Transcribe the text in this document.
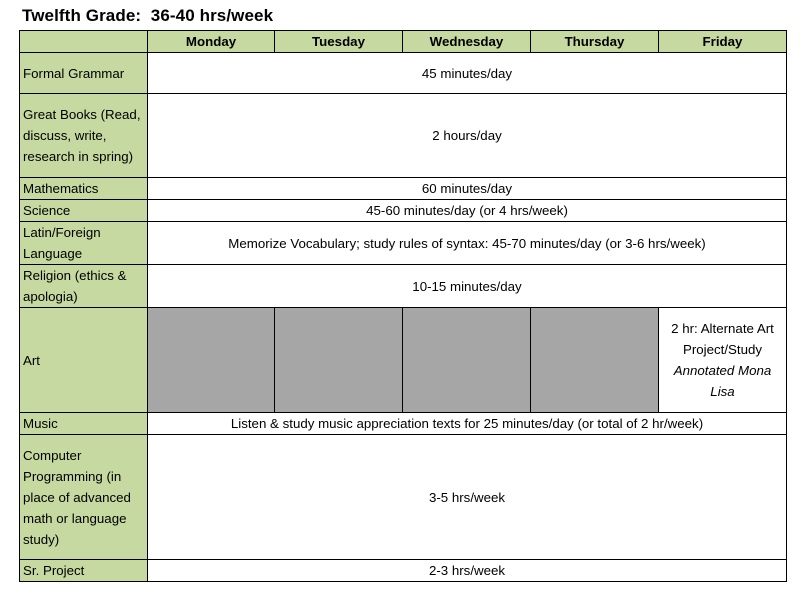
Twelfth Grade:  36-40 hrs/week
	Monday	Tuesday	Wednesday	Thursday	Friday
Formal Grammar	45 minutes/day				
Great Books (Read, discuss, write, research in spring)	2 hours/day				
Mathematics	60 minutes/day				
Science	45-60 minutes/day (or 4 hrs/week)				
Latin/Foreign Language	Memorize Vocabulary; study rules of syntax: 45-70 minutes/day (or 3-6 hrs/week)				
Religion (ethics & apologia)	10-15 minutes/day				
Art					2 hr: Alternate Art Project/Study
Annotated Mona Lisa

Music	Listen & study music appreciation texts for 25 minutes/day (or total of 2 hr/week)				
Computer Programming (in place of advanced math or language study)	3-5 hrs/week				
Sr. Project	2-3 hrs/week				
